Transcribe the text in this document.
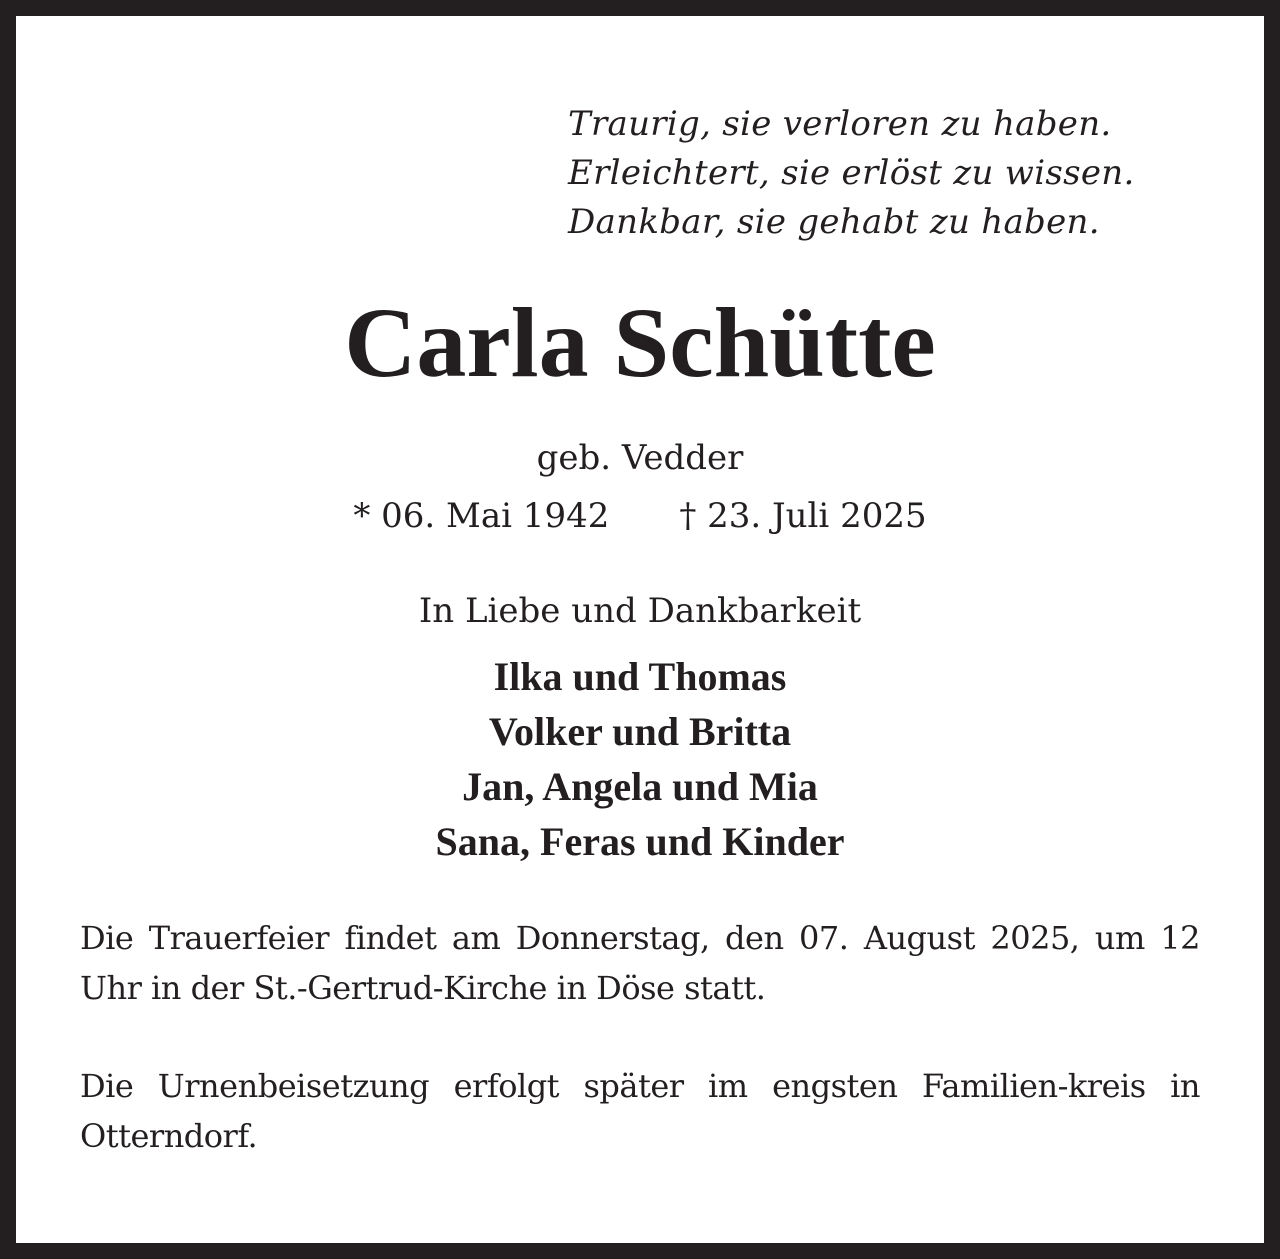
Traurig, sie verloren zu haben.
Erleichtert, sie erlöst zu wissen.
Dankbar, sie gehabt zu haben.
Carla Schütte
geb. Vedder
* 06. Mai 1942 † 23. Juli 2025
In Liebe und Dankbarkeit
Ilka und Thomas
Volker und Britta
Jan, Angela und Mia
Sana, Feras und Kinder
Die Trauerfeier findet am Donnerstag, den 07. August 2025, um 12 Uhr in der St.-Gertrud-Kirche in Döse statt.
Die Urnenbeisetzung erfolgt später im engsten Familien-kreis in Otterndorf.
